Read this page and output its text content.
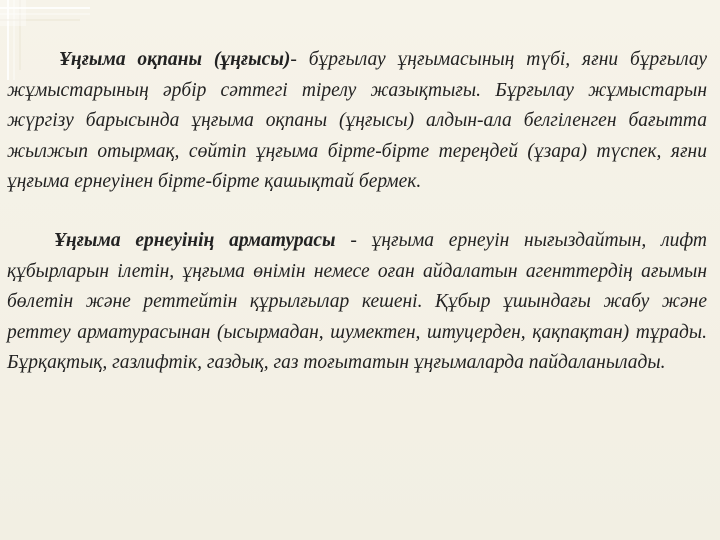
Ұңғыма оқпаны (ұңғысы)- бұрғылау ұңғымасының түбі, яғни бұрғылау жұмыстарының әрбір сәттегі тірелу жазықтығы. Бұрғылау жұмыстарын жүргізу барысында ұңғыма оқпаны (ұңғысы) алдын-ала белгіленген бағытта жылжып отырмақ, сөйтіп ұңғыма бірте-бірте тереңдей (ұзара) түспек, яғни ұңғыма ернеуінен бірте-бірте қашықтай бермек.

Ұңғыма ернеуінің арматурасы - ұңғыма ернеуін нығыздайтын, лифт құбырларын ілетін, ұңғыма өнімін немесе оған айдалатын агенттердің ағымын бөлетін және реттейтін құрылғылар кешені. Құбыр ұшындағы жабу және реттеу арматурасынан (ысырмадан, шумектен, штуцерден, қақпақтан) тұрады. Бұрқақтық, газлифтік, газдық, газ тоғытатын ұңғымаларда пайдаланылады.
